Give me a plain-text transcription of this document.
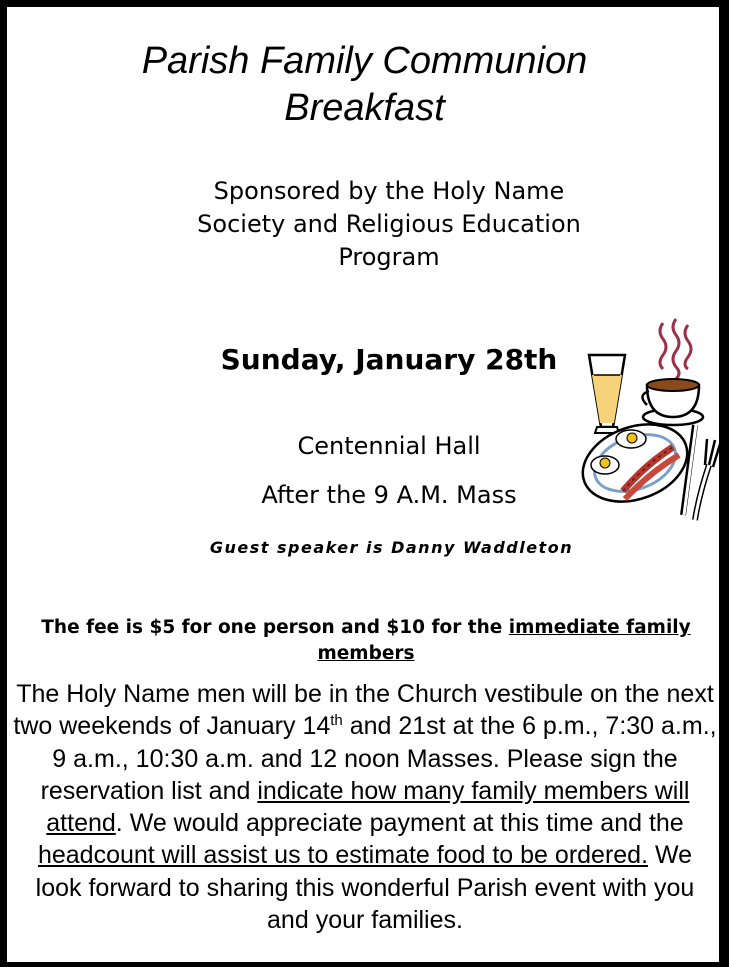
Parish Family Communion
Breakfast
Sponsored by the Holy Name
Society and Religious Education
Program
Sunday, January 28th
Centennial Hall
After the 9 A.M. Mass
Guest speaker is Danny Waddleton
The fee is $5 for one person and $10 for the immediate family members
The Holy Name men will be in the Church vestibule on the next two weekends of January 14th and 21st at the 6 p.m., 7:30 a.m., 9 a.m., 10:30 a.m. and 12 noon Masses. Please sign the reservation list and indicate how many family members will attend. We would appreciate payment at this time and the headcount will assist us to estimate food to be ordered. We look forward to sharing this wonderful Parish event with you and your families.
